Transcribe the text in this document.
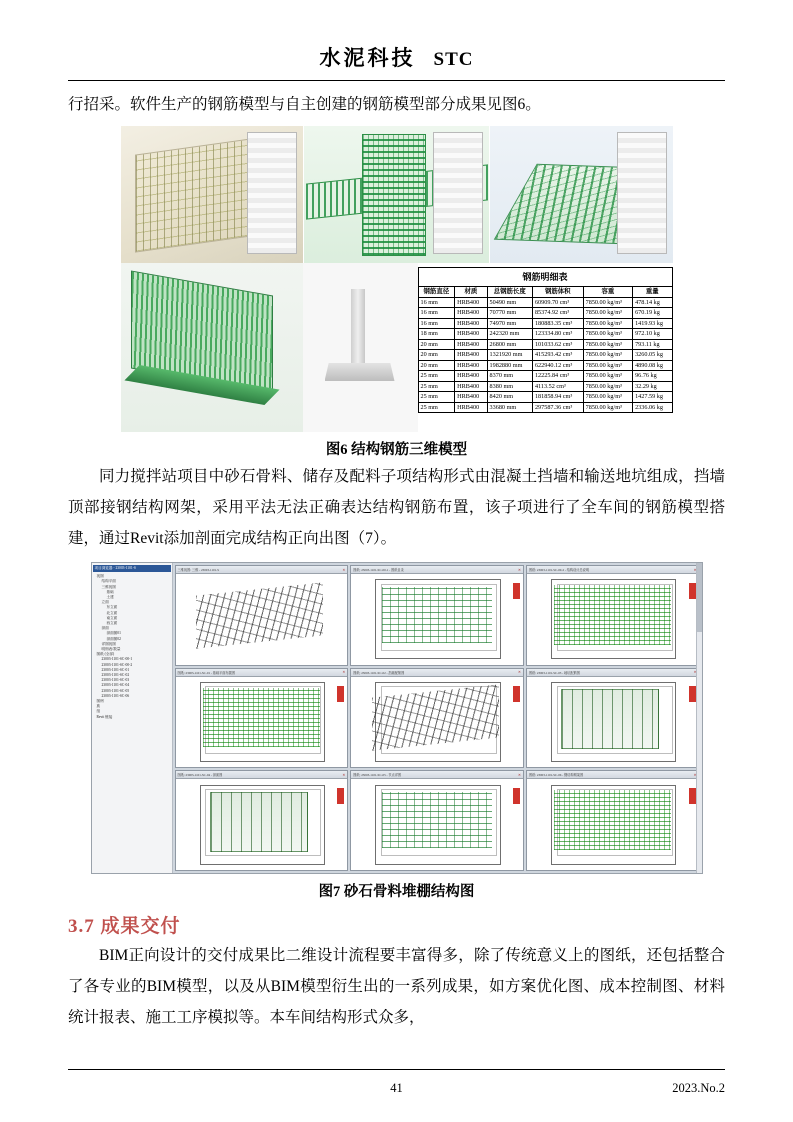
水泥科技 STC

行招采。软件生产的钢筋模型与自主创建的钢筋模型部分成果见图6。

钢筋明细表
钢筋直径	材质	总钢筋长度	钢筋体积	容重	重量
16 mm	HRB400	50490 mm	60909.70 cm³	7850.00 kg/m³	478.14 kg
16 mm	HRB400	70770 mm	85374.92 cm³	7850.00 kg/m³	670.19 kg
16 mm	HRB400	74970 mm	180883.35 cm³	7850.00 kg/m³	1419.93 kg
18 mm	HRB400	242320 mm	123334.80 cm³	7850.00 kg/m³	972.10 kg
20 mm	HRB400	26800 mm	101033.62 cm³	7850.00 kg/m³	793.11 kg
20 mm	HRB400	1321920 mm	415293.42 cm³	7850.00 kg/m³	3260.05 kg
20 mm	HRB400	1982880 mm	622940.12 cm³	7850.00 kg/m³	4890.08 kg
25 mm	HRB400	8370 mm	12225.84 cm³	7850.00 kg/m³	96.76 kg
25 mm	HRB400	8380 mm	4113.52 cm³	7850.00 kg/m³	32.29 kg
25 mm	HRB400	8420 mm	181858.94 cm³	7850.00 kg/m³	1427.59 kg
25 mm	HRB400	33680 mm	297587.36 cm³	7850.00 kg/m³	2336.06 kg
图6 结构钢筋三维模型

同力搅拌站项目中砂石骨料、储存及配料子项结构形式由混凝土挡墙和输送地坑组成，挡墙顶部接钢结构网架，采用平法无法正确表达结构钢筋布置，该子项进行了全车间的钢筋模型搭建，通过Revit添加剖面完成结构正向出图（7）。

项目浏览器 - 23003-1101-S
视图
结构平面
三维视图
基础
土建
立面
东立面
北立面
南立面
西立面
剖面
剖面图01
剖面图02
详图视图
明细表/数量
图纸 (全部)
23003-1101-SC-00-1
23003-1101-SC-00-2
23003-1101-SC-01
23003-1101-SC-02
23003-1101-SC-03
23003-1101-SC-04
23003-1101-SC-05
23003-1101-SC-06
图例
族
组
Revit 链接
三维视图: 三维 - 23003-1101-S	✕	图纸: 23003-1101-SC-00-1 - 图纸目录	✕	图纸: 23003-1101-SC-00-2 - 结构设计总说明
图纸: 23003-1101-SC-01 - 基础平面布置图	✕	图纸: 23003-1101-SC-02 - 挡墙配筋图	✕	图纸: 23003-1101-SC-03 - 地坑配筋图
图纸: 23003-1101-SC-04 - 剖面图	✕	图纸: 23003-1101-SC-05 - 节点详图	✕	图纸: 23003-1101-SC-06 - 钢结构网架图
图7 砂石骨料堆棚结构图
3.7 成果交付

BIM正向设计的交付成果比二维设计流程要丰富得多，除了传统意义上的图纸，还包括整合了各专业的BIM模型，以及从BIM模型衍生出的一系列成果，如方案优化图、成本控制图、材料统计报表、施工工序模拟等。本车间结构形式众多，

41	2023.No.2
